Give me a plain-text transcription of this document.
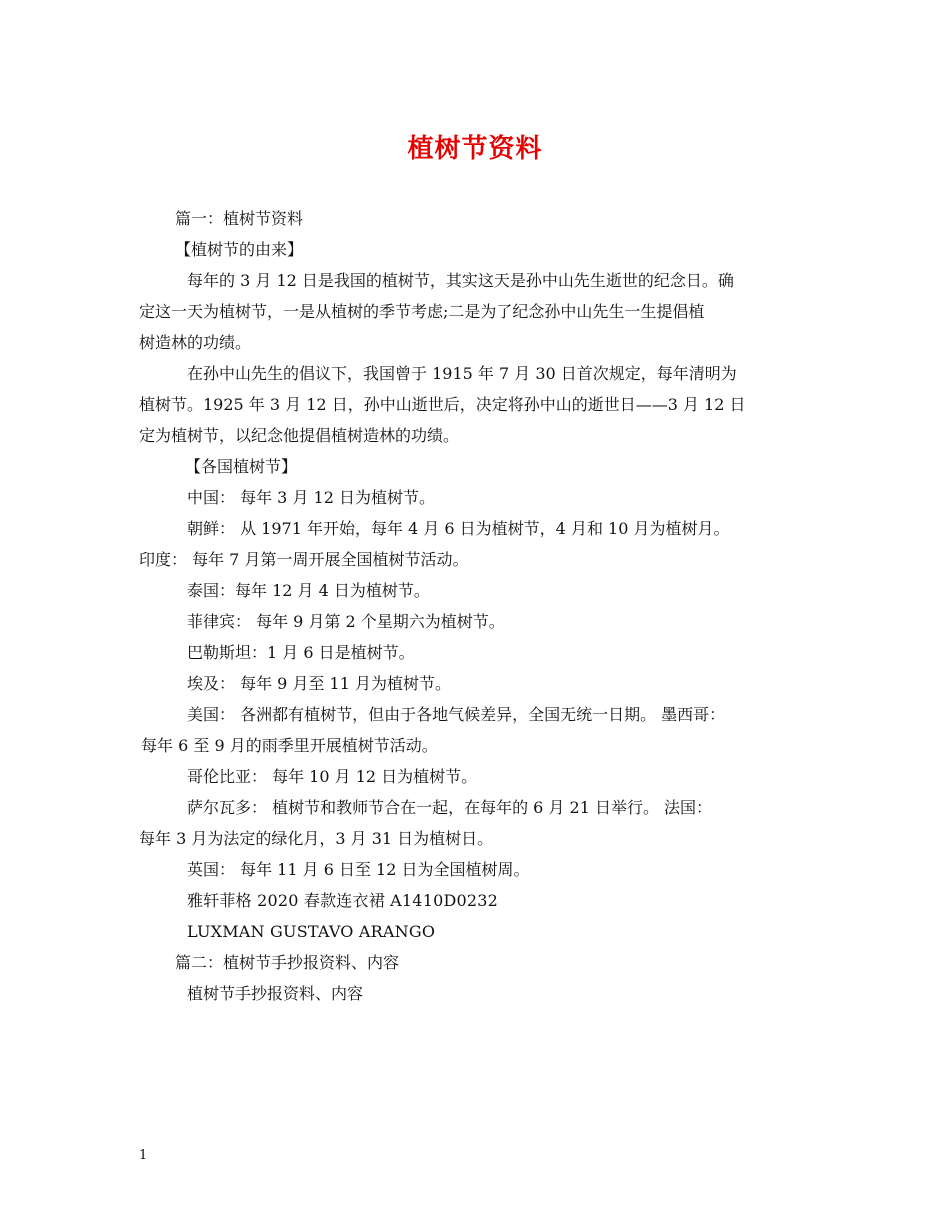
植树节资料

篇一：植树节资料

【植树节的由来】

每年的 3 月 12 日是我国的植树节，其实这天是孙中山先生逝世的纪念日。确

定这一天为植树节，一是从植树的季节考虑;二是为了纪念孙中山先生一生提倡植

树造林的功绩。

在孙中山先生的倡议下，我国曾于 1915 年 7 月 30 日首次规定，每年清明为

植树节。1925 年 3 月 12 日，孙中山逝世后，决定将孙中山的逝世日——3 月 12 日

定为植树节，以纪念他提倡植树造林的功绩。

【各国植树节】

中国： 每年 3 月 12 日为植树节。

朝鲜： 从 1971 年开始，每年 4 月 6 日为植树节，4 月和 10 月为植树月。

印度： 每年 7 月第一周开展全国植树节活动。

泰国：每年 12 月 4 日为植树节。

菲律宾： 每年 9 月第 2 个星期六为植树节。

巴勒斯坦：1 月 6 日是植树节。

埃及： 每年 9 月至 11 月为植树节。

美国： 各洲都有植树节，但由于各地气候差异，全国无统一日期。 墨西哥：

每年 6 至 9 月的雨季里开展植树节活动。

哥伦比亚： 每年 10 月 12 日为植树节。

萨尔瓦多： 植树节和教师节合在一起，在每年的 6 月 21 日举行。 法国：

每年 3 月为法定的绿化月，3 月 31 日为植树日。

英国： 每年 11 月 6 日至 12 日为全国植树周。

雅轩菲格 2020 春款连衣裙 A1410D0232

LUXMAN GUSTAVO ARANGO

篇二：植树节手抄报资料、内容

植树节手抄报资料、内容

1
